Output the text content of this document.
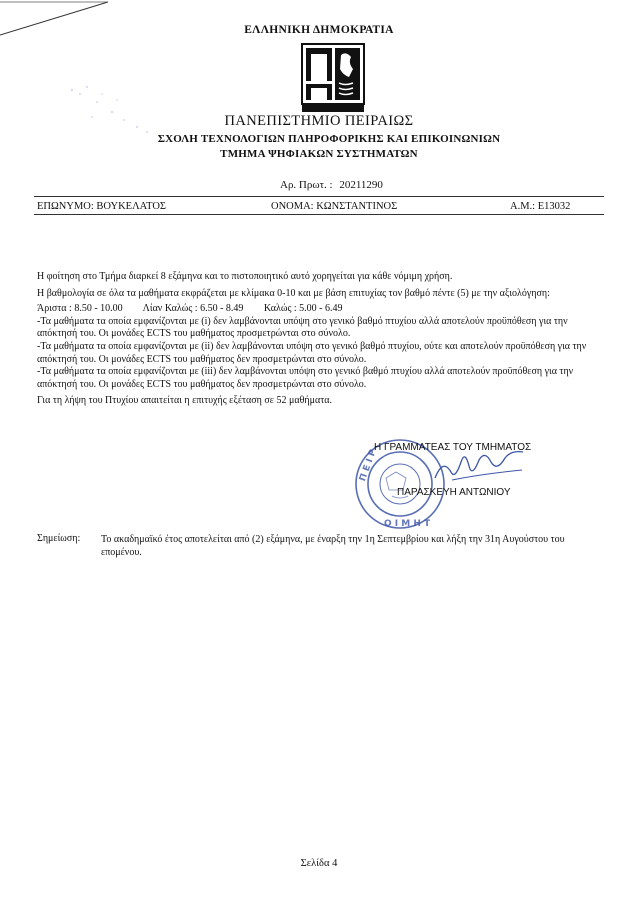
ΕΛΛΗΝΙΚΗ ΔΗΜΟΚΡΑΤΙΑ
ΠΑΝΕΠΙΣΤΗΜΙΟ ΠΕΙΡΑΙΩΣ
ΣΧΟΛΗ ΤΕΧΝΟΛΟΓΙΩΝ ΠΛΗΡΟΦΟΡΙΚΗΣ ΚΑΙ ΕΠΙΚΟΙΝΩΝΙΩΝ
ΤΜΗΜΑ ΨΗΦΙΑΚΩΝ ΣΥΣΤΗΜΑΤΩΝ
Αρ. Πρωτ. : 20211290
ΕΠΩΝΥΜΟ: ΒΟΥΚΕΛΑΤΟΣ	ΟΝΟΜΑ: ΚΩΝΣΤΑΝΤΙΝΟΣ	Α.Μ.: Ε13032

Η φοίτηση στο Τμήμα διαρκεί 8 εξάμηνα και το πιστοποιητικό αυτό χορηγείται για κάθε νόμιμη χρήση.

Η βαθμολογία σε όλα τα μαθήματα εκφράζεται με κλίμακα 0-10 και με βάση επιτυχίας τον βαθμό πέντε (5) με την αξιολόγηση:

Άριστα : 8.50 - 10.00 Λίαν Καλώς : 6.50 - 8.49 Καλώς : 5.00 - 6.49

-Τα μαθήματα τα οποία εμφανίζονται με (i) δεν λαμβάνονται υπόψη στο γενικό βαθμό πτυχίου αλλά αποτελούν προϋπόθεση για την απόκτησή του. Οι μονάδες ECTS του μαθήματος προσμετρώνται στο σύνολο.

-Τα μαθήματα τα οποία εμφανίζονται με (ii) δεν λαμβάνονται υπόψη στο γενικό βαθμό πτυχίου, ούτε και αποτελούν προϋπόθεση για την απόκτησή του. Οι μονάδες ECTS του μαθήματος δεν προσμετρώνται στο σύνολο.

-Τα μαθήματα τα οποία εμφανίζονται με (iii) δεν λαμβάνονται υπόψη στο γενικό βαθμό πτυχίου αλλά αποτελούν προϋπόθεση για την απόκτησή του. Οι μονάδες ECTS του μαθήματος δεν προσμετρώνται στο σύνολο.

Για τη λήψη του Πτυχίου απαιτείται η επιτυχής εξέταση σε 52 μαθήματα.

Π Ε Ι Ρ
Ο Ι Μ Η Τ
Η ΓΡΑΜΜΑΤΕΑΣ ΤΟΥ ΤΜΗΜΑΤΟΣ
ΠΑΡΑΣΚΕΥΗ ΑΝΤΩΝΙΟΥ
Σημείωση: Το ακαδημαϊκό έτος αποτελείται από (2) εξάμηνα, με έναρξη την 1η Σεπτεμβρίου και λήξη την 31η Αυγούστου του επομένου.
Σελίδα 4
